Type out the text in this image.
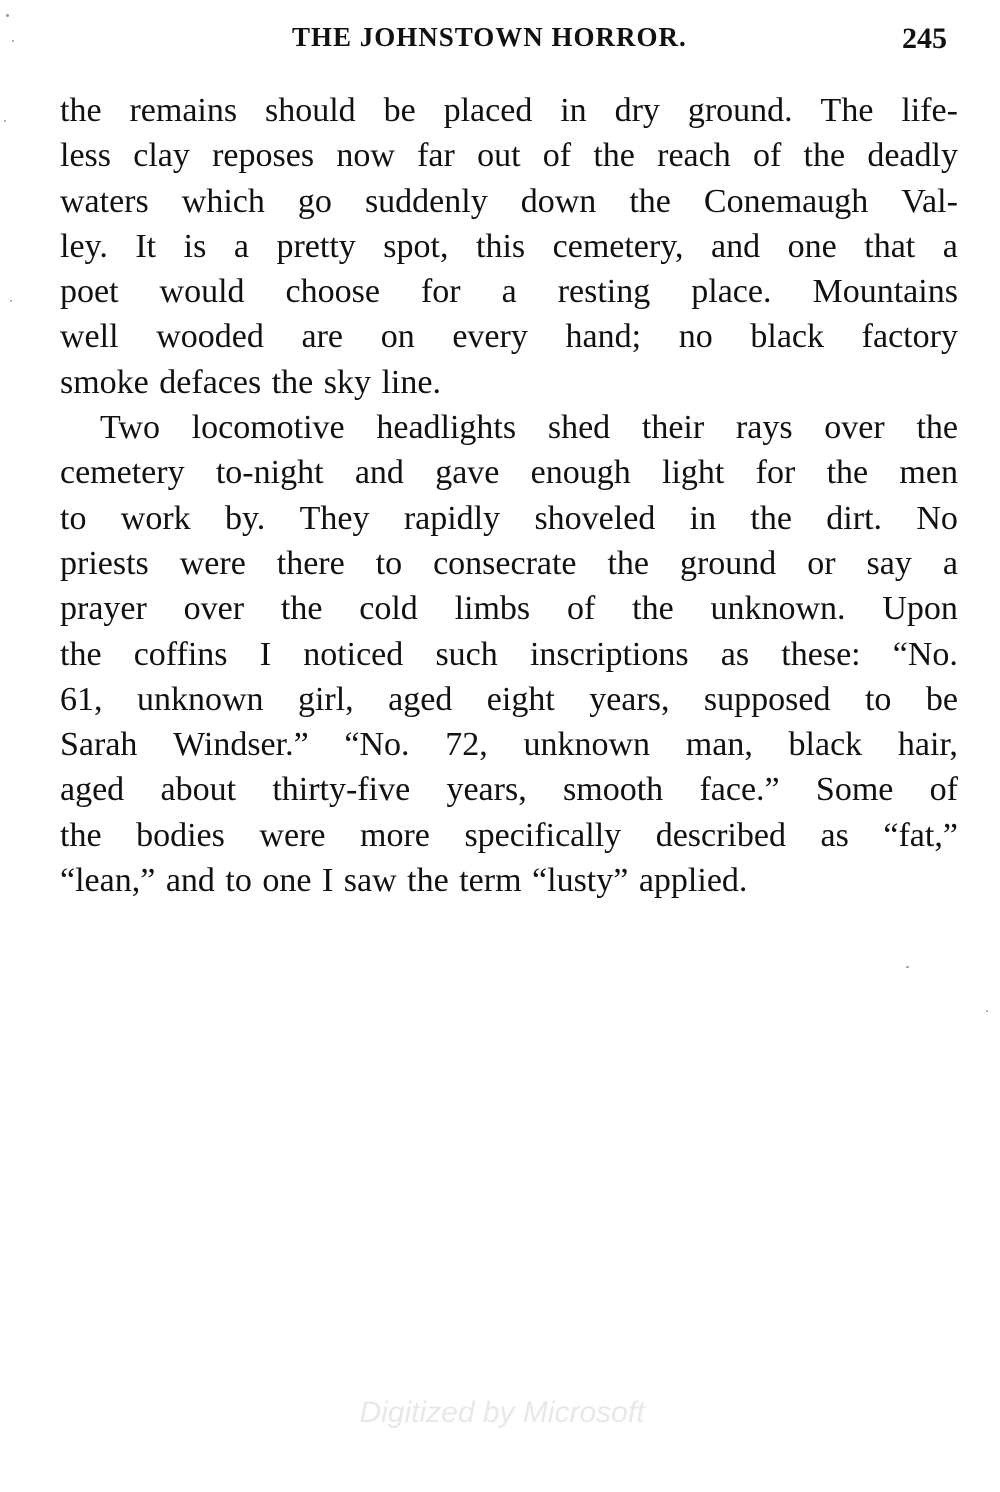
THE JOHNSTOWN HORROR.	245
the remains should be placed in dry ground. The life-
less clay reposes now far out of the reach of the deadly
waters which go suddenly down the Conemaugh Val-
ley. It is a pretty spot, this cemetery, and one that a
poet would choose for a resting place. Mountains
well wooded are on every hand; no black factory
smoke
defaces
the
sky
line.
Two locomotive headlights shed their rays over the
cemetery to-night and gave enough light for the men
to work by. They rapidly shoveled in the dirt. No
priests were there to consecrate the ground or say a
prayer over the cold limbs of the unknown. Upon
the coffins I noticed such inscriptions as these: “No.
61, unknown girl, aged eight years, supposed to be
Sarah Windser.” “No. 72, unknown man, black hair,
aged about thirty-five years, smooth face.” Some of
the bodies were more specifically described as “fat,”
“lean,”
and
to
one
I
saw
the
term
“lusty”
applied.
Digitized by Microsoft
